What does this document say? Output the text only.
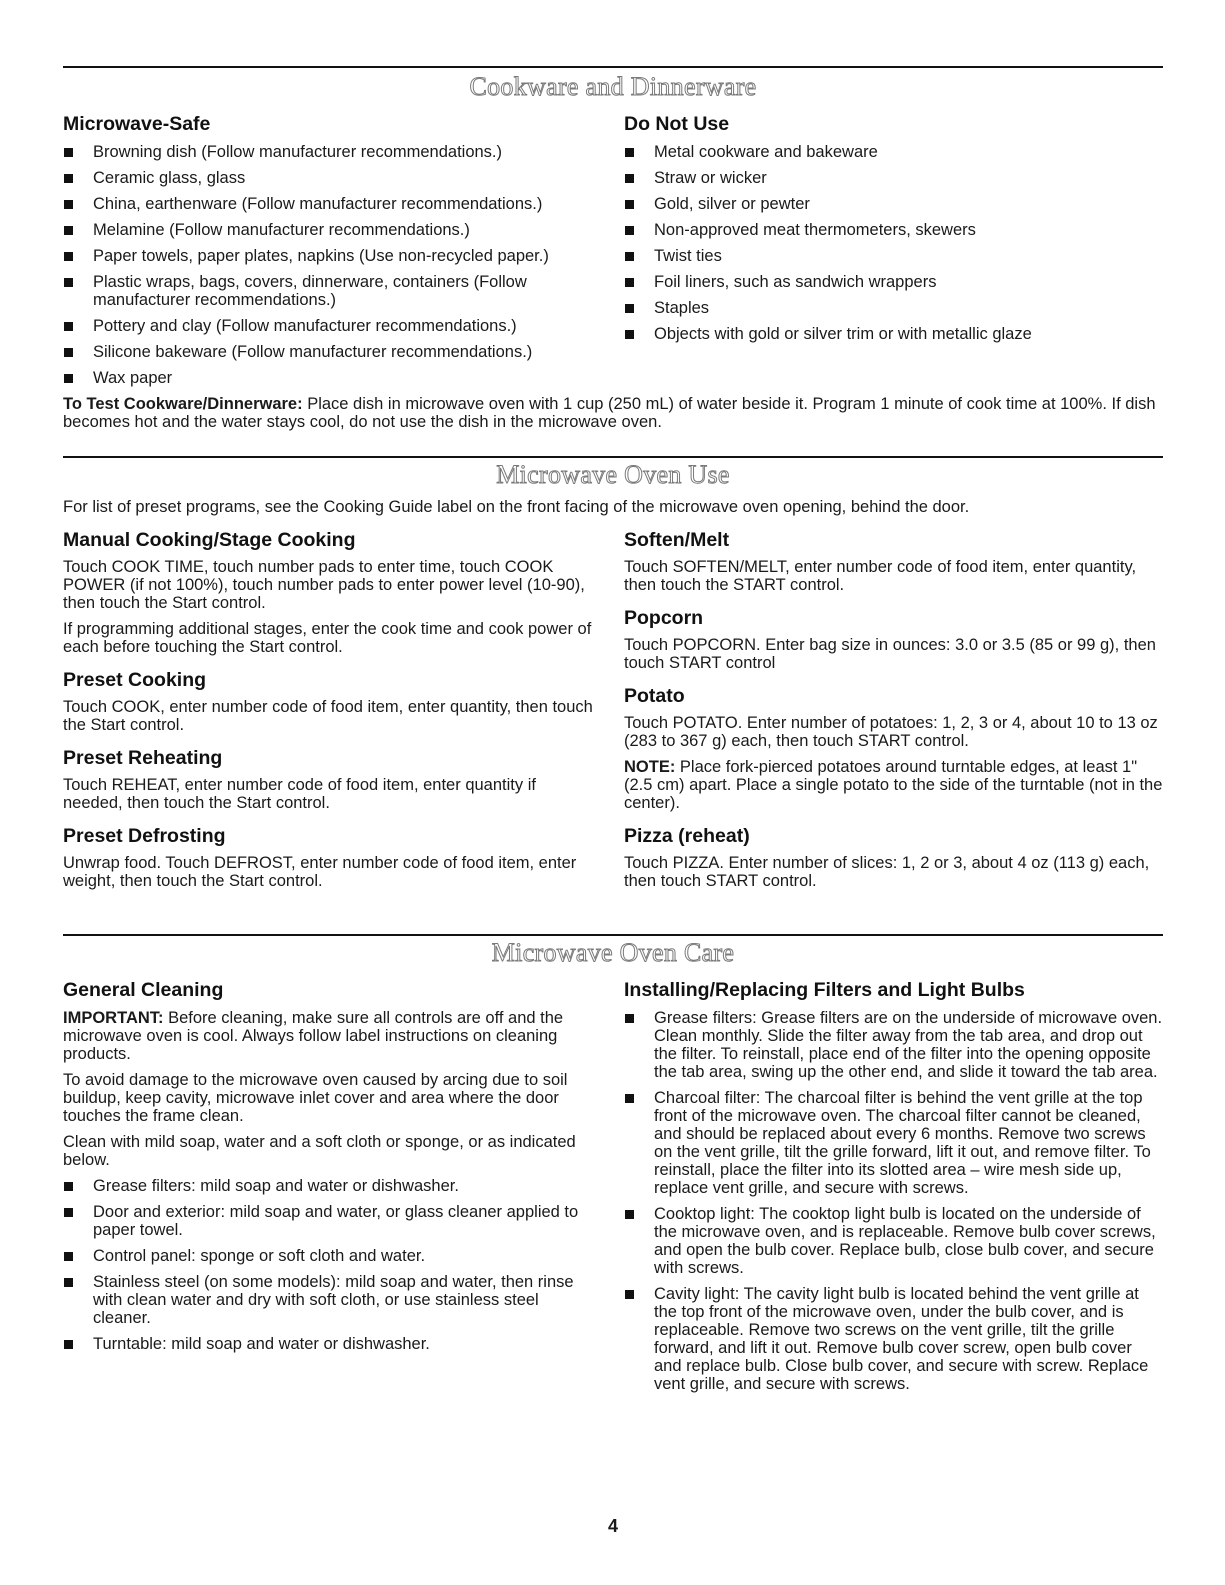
Cookware and Dinnerware
Microwave-Safe
Browning dish (Follow manufacturer recommendations.)
Ceramic glass, glass
China, earthenware (Follow manufacturer recommendations.)
Melamine (Follow manufacturer recommendations.)
Paper towels, paper plates, napkins (Use non-recycled paper.)
Plastic wraps, bags, covers, dinnerware, containers (Follow manufacturer recommendations.)
Pottery and clay (Follow manufacturer recommendations.)
Silicone bakeware (Follow manufacturer recommendations.)
Wax paper
Do Not Use
Metal cookware and bakeware
Straw or wicker
Gold, silver or pewter
Non-approved meat thermometers, skewers
Twist ties
Foil liners, such as sandwich wrappers
Staples
Objects with gold or silver trim or with metallic glaze

To Test Cookware/Dinnerware: Place dish in microwave oven with 1 cup (250 mL) of water beside it. Program 1 minute of cook time at 100%. If dish becomes hot and the water stays cool, do not use the dish in the microwave oven.

Microwave Oven Use

For list of preset programs, see the Cooking Guide label on the front facing of the microwave oven opening, behind the door.

Manual Cooking/Stage Cooking

Touch COOK TIME, touch number pads to enter time, touch COOK POWER (if not 100%), touch number pads to enter power level (10-90), then touch the Start control.

If programming additional stages, enter the cook time and cook power of each before touching the Start control.

Preset Cooking

Touch COOK, enter number code of food item, enter quantity, then touch the Start control.

Preset Reheating

Touch REHEAT, enter number code of food item, enter quantity if needed, then touch the Start control.

Preset Defrosting

Unwrap food. Touch DEFROST, enter number code of food item, enter weight, then touch the Start control.

Soften/Melt

Touch SOFTEN/MELT, enter number code of food item, enter quantity, then touch the START control.

Popcorn

Touch POPCORN. Enter bag size in ounces: 3.0 or 3.5 (85 or 99 g), then touch START control

Potato

Touch POTATO. Enter number of potatoes: 1, 2, 3 or 4, about 10 to 13 oz (283 to 367 g) each, then touch START control.

NOTE: Place fork-pierced potatoes around turntable edges, at least 1" (2.5 cm) apart. Place a single potato to the side of the turntable (not in the center).

Pizza (reheat)

Touch PIZZA. Enter number of slices: 1, 2 or 3, about 4 oz (113 g) each, then touch START control.

Microwave Oven Care
General Cleaning

IMPORTANT: Before cleaning, make sure all controls are off and the microwave oven is cool. Always follow label instructions on cleaning products.

To avoid damage to the microwave oven caused by arcing due to soil buildup, keep cavity, microwave inlet cover and area where the door touches the frame clean.

Clean with mild soap, water and a soft cloth or sponge, or as indicated below.

Grease filters: mild soap and water or dishwasher.
Door and exterior: mild soap and water, or glass cleaner applied to paper towel.
Control panel: sponge or soft cloth and water.
Stainless steel (on some models): mild soap and water, then rinse with clean water and dry with soft cloth, or use stainless steel cleaner.
Turntable: mild soap and water or dishwasher.
Installing/Replacing Filters and Light Bulbs
Grease filters: Grease filters are on the underside of microwave oven. Clean monthly. Slide the filter away from the tab area, and drop out the filter. To reinstall, place end of the filter into the opening opposite the tab area, swing up the other end, and slide it toward the tab area.
Charcoal filter: The charcoal filter is behind the vent grille at the top front of the microwave oven. The charcoal filter cannot be cleaned, and should be replaced about every 6 months. Remove two screws on the vent grille, tilt the grille forward, lift it out, and remove filter. To reinstall, place the filter into its slotted area – wire mesh side up, replace vent grille, and secure with screws.
Cooktop light: The cooktop light bulb is located on the underside of the microwave oven, and is replaceable. Remove bulb cover screws, and open the bulb cover. Replace bulb, close bulb cover, and secure with screws.
Cavity light: The cavity light bulb is located behind the vent grille at the top front of the microwave oven, under the bulb cover, and is replaceable. Remove two screws on the vent grille, tilt the grille forward, and lift it out. Remove bulb cover screw, open bulb cover and replace bulb. Close bulb cover, and secure with screw. Replace vent grille, and secure with screws.
4
